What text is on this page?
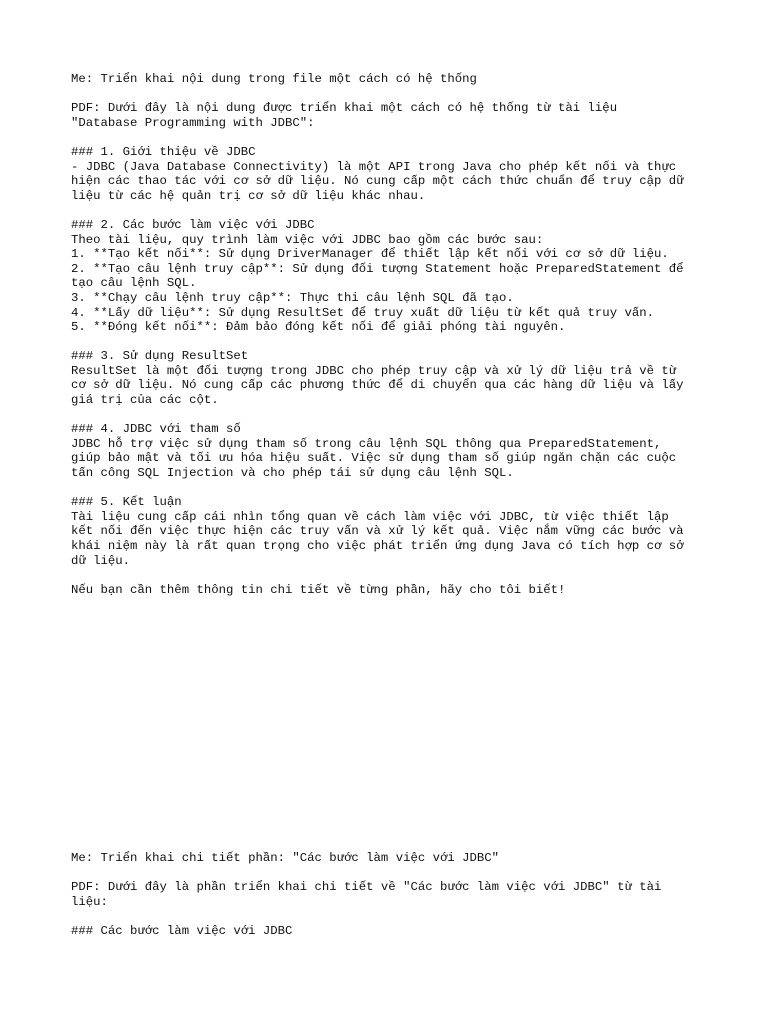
Me: Triển khai nội dung trong file một cách có hệ thống
PDF: Dưới đây là nội dung được triển khai một cách có hệ thống từ tài liệu
"Database Programming with JDBC":
### 1. Giới thiệu về JDBC
- JDBC (Java Database Connectivity) là một API trong Java cho phép kết nối và thực
hiện các thao tác với cơ sở dữ liệu. Nó cung cấp một cách thức chuẩn để truy cập dữ
liệu từ các hệ quản trị cơ sở dữ liệu khác nhau.
### 2. Các bước làm việc với JDBC
Theo tài liệu, quy trình làm việc với JDBC bao gồm các bước sau:
1. **Tạo kết nối**: Sử dụng DriverManager để thiết lập kết nối với cơ sở dữ liệu.
2. **Tạo câu lệnh truy cập**: Sử dụng đối tượng Statement hoặc PreparedStatement để
tạo câu lệnh SQL.
3. **Chạy câu lệnh truy cập**: Thực thi câu lệnh SQL đã tạo.
4. **Lấy dữ liệu**: Sử dụng ResultSet để truy xuất dữ liệu từ kết quả truy vấn.
5. **Đóng kết nối**: Đảm bảo đóng kết nối để giải phóng tài nguyên.
### 3. Sử dụng ResultSet
ResultSet là một đối tượng trong JDBC cho phép truy cập và xử lý dữ liệu trả về từ
cơ sở dữ liệu. Nó cung cấp các phương thức để di chuyển qua các hàng dữ liệu và lấy
giá trị của các cột.
### 4. JDBC với tham số
JDBC hỗ trợ việc sử dụng tham số trong câu lệnh SQL thông qua PreparedStatement,
giúp bảo mật và tối ưu hóa hiệu suất. Việc sử dụng tham số giúp ngăn chặn các cuộc
tấn công SQL Injection và cho phép tái sử dụng câu lệnh SQL.
### 5. Kết luận
Tài liệu cung cấp cái nhìn tổng quan về cách làm việc với JDBC, từ việc thiết lập
kết nối đến việc thực hiện các truy vấn và xử lý kết quả. Việc nắm vững các bước và
khái niệm này là rất quan trọng cho việc phát triển ứng dụng Java có tích hợp cơ sở
dữ liệu.
Nếu bạn cần thêm thông tin chi tiết về từng phần, hãy cho tôi biết!
Me: Triển khai chi tiết phần: "Các bước làm việc với JDBC"
PDF: Dưới đây là phần triển khai chi tiết về "Các bước làm việc với JDBC" từ tài
liệu:
### Các bước làm việc với JDBC
